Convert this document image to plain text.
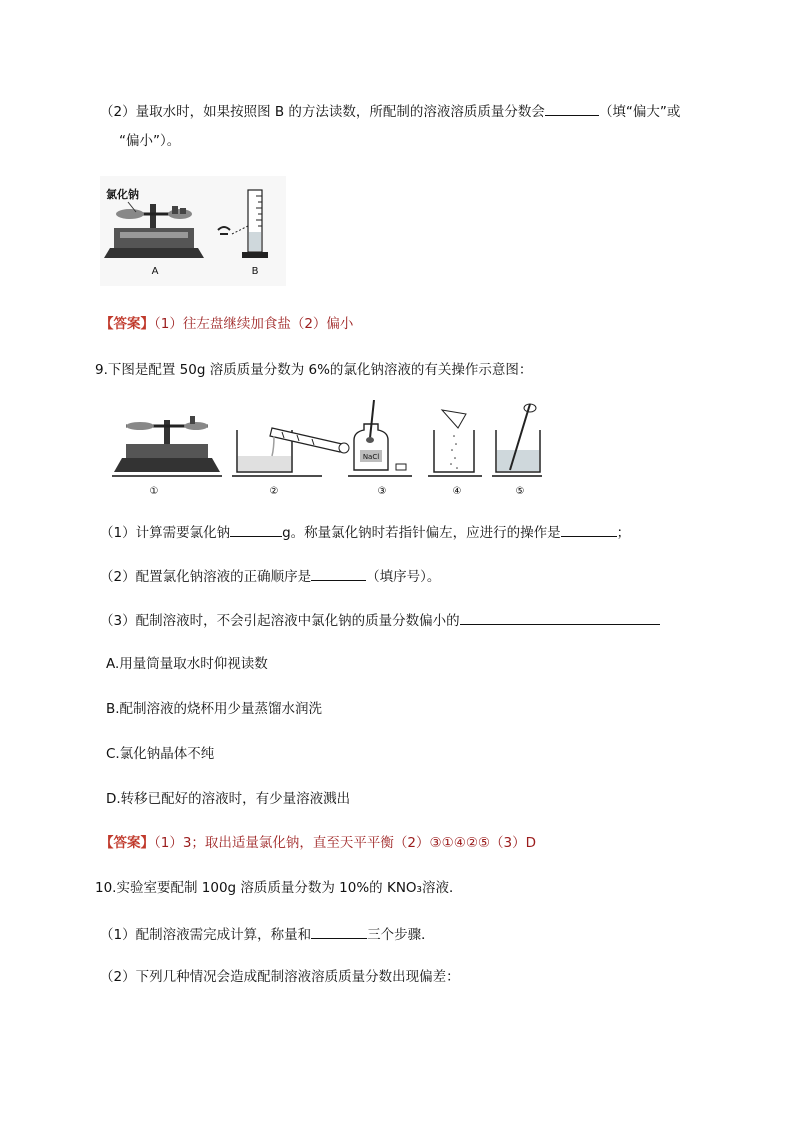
（2）量取水时，如果按照图 B 的方法读数，所配制的溶液溶质质量分数会	（填“偏大”或
“偏小”）。
氯化钠
A	B
【答案】（1）往左盘继续加食盐（2）偏小
9.下图是配置 50g 溶质质量分数为 6%的氯化钠溶液的有关操作示意图：
NaCl
①	②	③	④	⑤
（1）计算需要氯化钠	g。称量氯化钠时若指针偏左，应进行的操作是	；
（2）配置氯化钠溶液的正确顺序是	（填序号）。
（3）配制溶液时，不会引起溶液中氯化钠的质量分数偏小的
A.用量筒量取水时仰视读数
B.配制溶液的烧杯用少量蒸馏水润洗
C.氯化钠晶体不纯
D.转移已配好的溶液时，有少量溶液溅出
【答案】（1）3；取出适量氯化钠，直至天平平衡（2）③①④②⑤（3）D
10.实验室要配制 100g 溶质质量分数为 10%的 KNO₃溶液．
（1）配制溶液需完成计算，称量和	三个步骤．
（2）下列几种情况会造成配制溶液溶质质量分数出现偏差：
